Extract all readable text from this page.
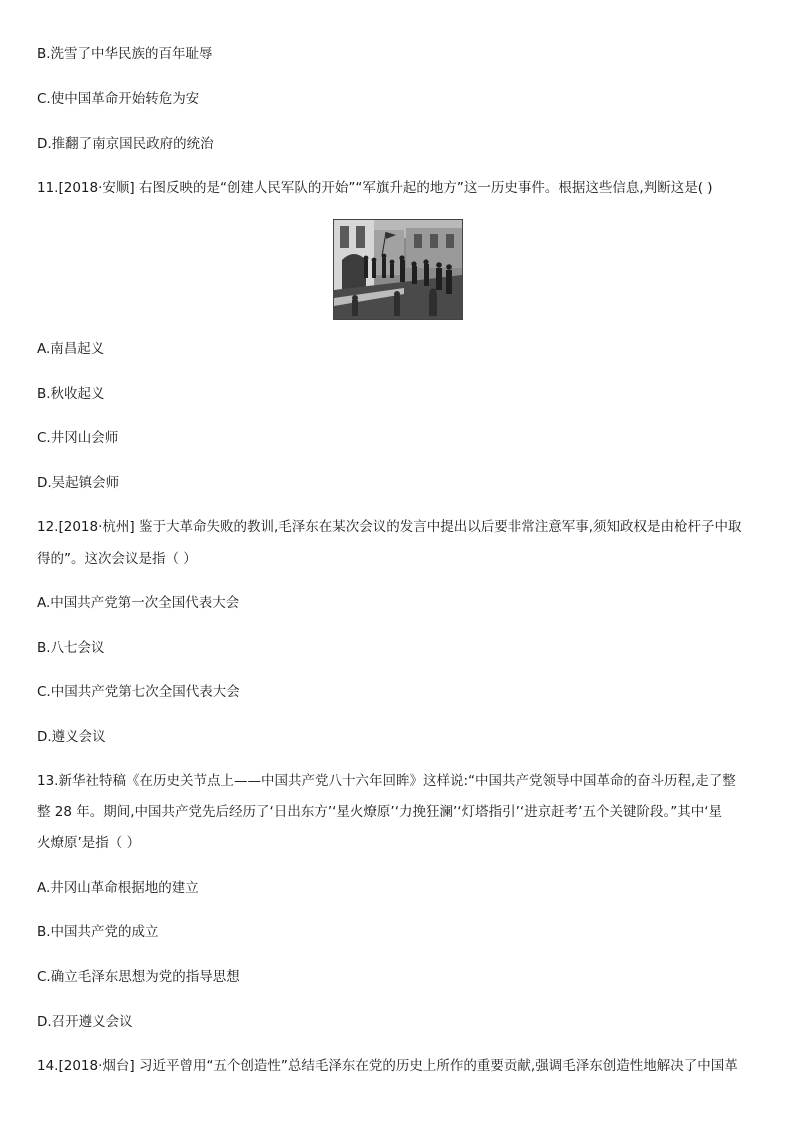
B.洗雪了中华民族的百年耻辱
C.使中国革命开始转危为安
D.推翻了南京国民政府的统治
11.[2018·安顺] 右图反映的是“创建人民军队的开始”“军旗升起的地方”这一历史事件。根据这些信息,判断这是( )
A.南昌起义
B.秋收起义
C.井冈山会师
D.吴起镇会师
12.[2018·杭州] 鉴于大革命失败的教训,毛泽东在某次会议的发言中提出以后要非常注意军事,须知政权是由枪杆子中取
得的”。这次会议是指（ ）
A.中国共产党第一次全国代表大会
B.八七会议
C.中国共产党第七次全国代表大会
D.遵义会议
13.新华社特稿《在历史关节点上——中国共产党八十六年回眸》这样说:“中国共产党领导中国革命的奋斗历程,走了整
整 28 年。期间,中国共产党先后经历了‘日出东方’‘星火燎原’‘力挽狂澜’‘灯塔指引’‘进京赶考’五个关键阶段。”其中‘星
火燎原’是指（ ）
A.井冈山革命根据地的建立
B.中国共产党的成立
C.确立毛泽东思想为党的指导思想
D.召开遵义会议
14.[2018·烟台] 习近平曾用“五个创造性”总结毛泽东在党的历史上所作的重要贡献,强调毛泽东创造性地解决了中国革
